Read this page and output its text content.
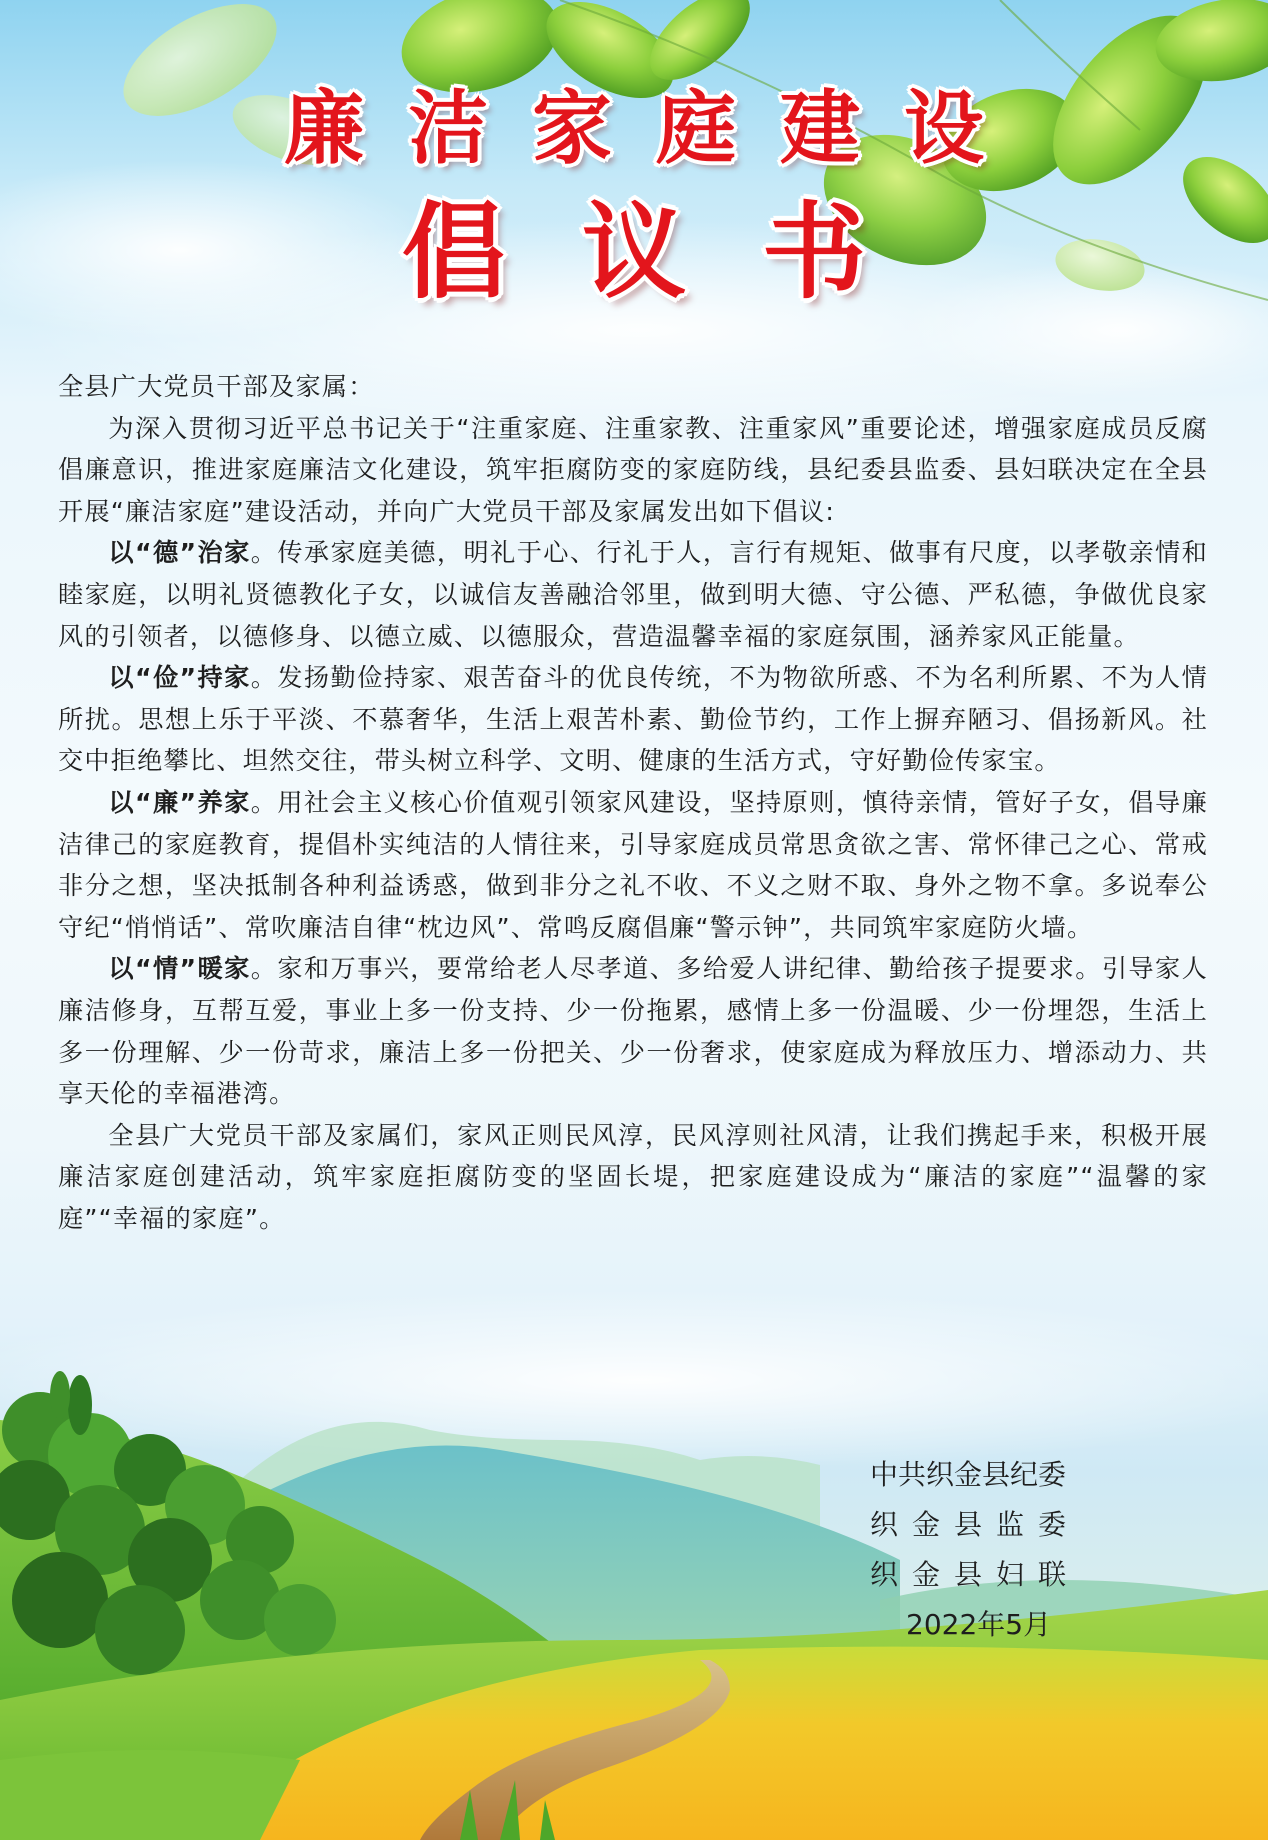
廉洁家庭建设
倡议书

全县广大党员干部及家属：

为深入贯彻习近平总书记关于“注重家庭、注重家教、注重家风”重要论述，增强家庭成员反腐倡廉意识，推进家庭廉洁文化建设，筑牢拒腐防变的家庭防线，县纪委县监委、县妇联决定在全县开展“廉洁家庭”建设活动，并向广大党员干部及家属发出如下倡议:

以“德”治家。传承家庭美德，明礼于心、行礼于人，言行有规矩、做事有尺度，以孝敬亲情和睦家庭，以明礼贤德教化子女，以诚信友善融洽邻里，做到明大德、守公德、严私德，争做优良家风的引领者，以德修身、以德立威、以德服众，营造温馨幸福的家庭氛围，涵养家风正能量。

以“俭”持家。发扬勤俭持家、艰苦奋斗的优良传统，不为物欲所惑、不为名利所累、不为人情所扰。思想上乐于平淡、不慕奢华，生活上艰苦朴素、勤俭节约，工作上摒弃陋习、倡扬新风。社交中拒绝攀比、坦然交往，带头树立科学、文明、健康的生活方式，守好勤俭传家宝。

以“廉”养家。用社会主义核心价值观引领家风建设，坚持原则，慎待亲情，管好子女，倡导廉洁律己的家庭教育，提倡朴实纯洁的人情往来，引导家庭成员常思贪欲之害、常怀律己之心、常戒非分之想，坚决抵制各种利益诱惑，做到非分之礼不收、不义之财不取、身外之物不拿。多说奉公守纪“悄悄话”、常吹廉洁自律“枕边风”、常鸣反腐倡廉“警示钟”，共同筑牢家庭防火墙。

以“情”暖家。家和万事兴，要常给老人尽孝道、多给爱人讲纪律、勤给孩子提要求。引导家人廉洁修身，互帮互爱，事业上多一份支持、少一份拖累，感情上多一份温暖、少一份埋怨，生活上多一份理解、少一份苛求，廉洁上多一份把关、少一份奢求，使家庭成为释放压力、增添动力、共享天伦的幸福港湾。

全县广大党员干部及家属们，家风正则民风淳，民风淳则社风清，让我们携起手来，积极开展廉洁家庭创建活动，筑牢家庭拒腐防变的坚固长堤，把家庭建设成为“廉洁的家庭”“温馨的家庭”“幸福的家庭”。

中共织金县纪委
织金县监委
织金县妇联
2022年5月
